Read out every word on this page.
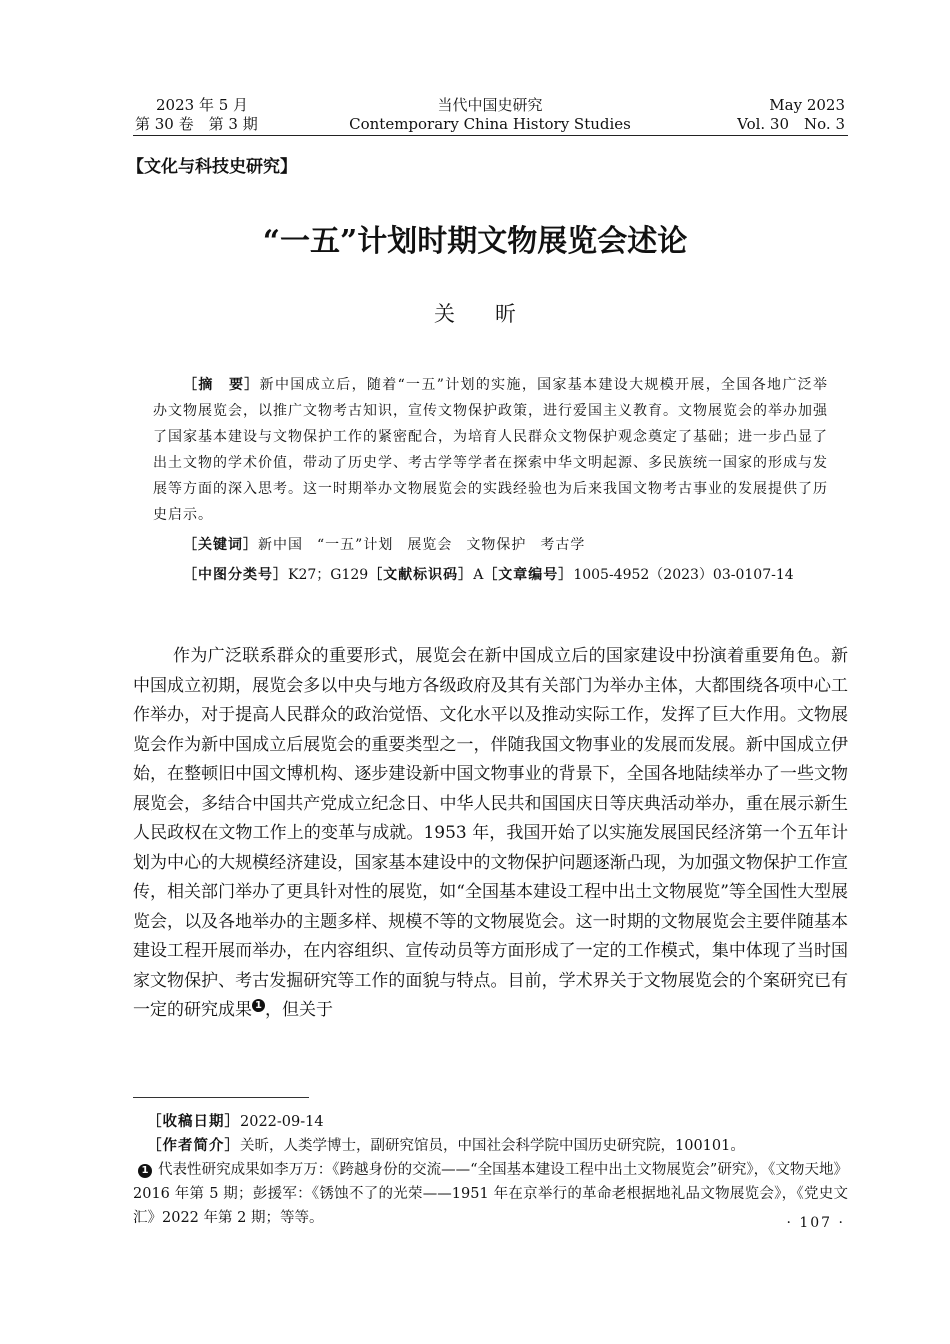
2023 年 5 月
第 30 卷　第 3 期
当代中国史研究
Contemporary China History Studies
May 2023
Vol. 30　No. 3
【文化与科技史研究】
“一五”计划时期文物展览会述论
关昕

［摘　要］新中国成立后，随着“一五”计划的实施，国家基本建设大规模开展，全国各地广泛举办文物展览会，以推广文物考古知识，宣传文物保护政策，进行爱国主义教育。文物展览会的举办加强了国家基本建设与文物保护工作的紧密配合，为培育人民群众文物保护观念奠定了基础；进一步凸显了出土文物的学术价值，带动了历史学、考古学等学者在探索中华文明起源、多民族统一国家的形成与发展等方面的深入思考。这一时期举办文物展览会的实践经验也为后来我国文物考古事业的发展提供了历史启示。

［关键词］新中国 “一五”计划 展览会 文物保护 考古学

［中图分类号］K27；G129［文献标识码］A［文章编号］1005-4952（2023）03-0107-14

作为广泛联系群众的重要形式，展览会在新中国成立后的国家建设中扮演着重要角色。新中国成立初期，展览会多以中央与地方各级政府及其有关部门为举办主体，大都围绕各项中心工作举办，对于提高人民群众的政治觉悟、文化水平以及推动实际工作，发挥了巨大作用。文物展览会作为新中国成立后展览会的重要类型之一，伴随我国文物事业的发展而发展。新中国成立伊始，在整顿旧中国文博机构、逐步建设新中国文物事业的背景下，全国各地陆续举办了一些文物展览会，多结合中国共产党成立纪念日、中华人民共和国国庆日等庆典活动举办，重在展示新生人民政权在文物工作上的变革与成就。1953 年，我国开始了以实施发展国民经济第一个五年计划为中心的大规模经济建设，国家基本建设中的文物保护问题逐渐凸现，为加强文物保护工作宣传，相关部门举办了更具针对性的展览，如“全国基本建设工程中出土文物展览”等全国性大型展览会，以及各地举办的主题多样、规模不等的文物展览会。这一时期的文物展览会主要伴随基本建设工程开展而举办，在内容组织、宣传动员等方面形成了一定的工作模式，集中体现了当时国家文物保护、考古发掘研究等工作的面貌与特点。目前，学术界关于文物展览会的个案研究已有一定的研究成果 1 ，但关于

［收稿日期］2022-09-14

［作者简介］关昕，人类学博士，副研究馆员，中国社会科学院中国历史研究院，100101。

1 代表性研究成果如李万万：《跨越身份的交流——“全国基本建设工程中出土文物展览会”研究》，《文物天地》2016 年第 5 期；彭援军：《锈蚀不了的光荣——1951 年在京举行的革命老根据地礼品文物展览会》，《党史文汇》2022 年第 2 期；等等。	· 107 ·
